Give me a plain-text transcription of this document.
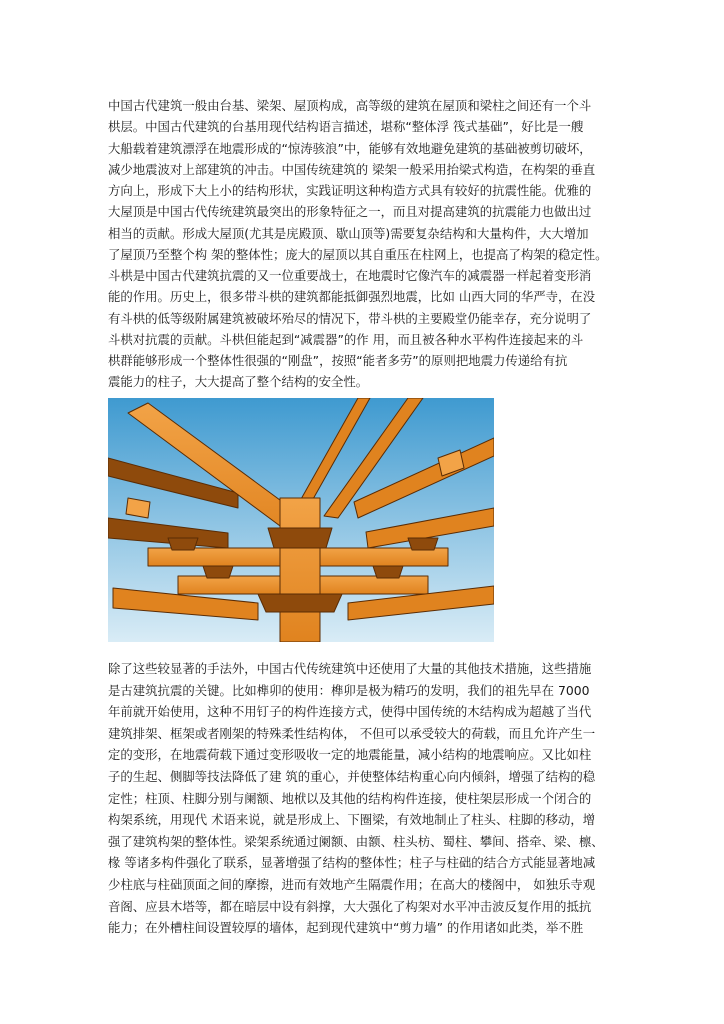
中国古代建筑一般由台基、梁架、屋顶构成，高等级的建筑在屋顶和梁柱之间还有一个斗
栱层。中国古代建筑的台基用现代结构语言描述，堪称“整体浮 筏式基础”，好比是一艘
大船载着建筑漂浮在地震形成的“惊涛骇浪”中，能够有效地避免建筑的基础被剪切破坏，
减少地震波对上部建筑的冲击。中国传统建筑的 梁架一般采用抬梁式构造，在构架的垂直
方向上，形成下大上小的结构形状，实践证明这种构造方式具有较好的抗震性能。优雅的
大屋顶是中国古代传统建筑最突出的形象特征之一，而且对提高建筑的抗震能力也做出过
相当的贡献。形成大屋顶(尤其是庑殿顶、歇山顶等)需要复杂结构和大量构件，大大增加
了屋顶乃至整个构 架的整体性；庞大的屋顶以其自重压在柱网上，也提高了构架的稳定性。

斗栱是中国古代建筑抗震的又一位重要战士，在地震时它像汽车的减震器一样起着变形消
能的作用。历史上，很多带斗栱的建筑都能抵御强烈地震，比如 山西大同的华严寺，在没
有斗栱的低等级附属建筑被破坏殆尽的情况下，带斗栱的主要殿堂仍能幸存，充分说明了
斗栱对抗震的贡献。斗栱但能起到“减震器”的作 用，而且被各种水平构件连接起来的斗
栱群能够形成一个整体性很强的“刚盘”，按照“能者多劳”的原则把地震力传递给有抗
震能力的柱子，大大提高了整个结构的安全性。

除了这些较显著的手法外，中国古代传统建筑中还使用了大量的其他技术措施，这些措施
是古建筑抗震的关键。比如榫卯的使用：榫卯是极为精巧的发明，我们的祖先早在 7000
年前就开始使用，这种不用钉子的构件连接方式，使得中国传统的木结构成为超越了当代
建筑排架、框架或者刚架的特殊柔性结构体， 不但可以承受较大的荷载，而且允许产生一
定的变形，在地震荷载下通过变形吸收一定的地震能量，减小结构的地震响应。又比如柱
子的生起、侧脚等技法降低了建 筑的重心，并使整体结构重心向内倾斜，增强了结构的稳
定性；柱顶、柱脚分别与阑额、地栿以及其他的结构构件连接，使柱架层形成一个闭合的
构架系统，用现代 术语来说，就是形成上、下圈梁，有效地制止了柱头、柱脚的移动，增
强了建筑构架的整体性。梁架系统通过阑额、由额、柱头枋、蜀柱、攀间、搭牵、梁、檩、
椽 等诸多构件强化了联系，显著增强了结构的整体性；柱子与柱础的结合方式能显著地减
少柱底与柱础顶面之间的摩擦，进而有效地产生隔震作用；在高大的楼阁中， 如独乐寺观
音阁、应县木塔等，都在暗层中设有斜撑，大大强化了构架对水平冲击波反复作用的抵抗
能力；在外槽柱间设置较厚的墙体，起到现代建筑中“剪力墙” 的作用诸如此类，举不胜
